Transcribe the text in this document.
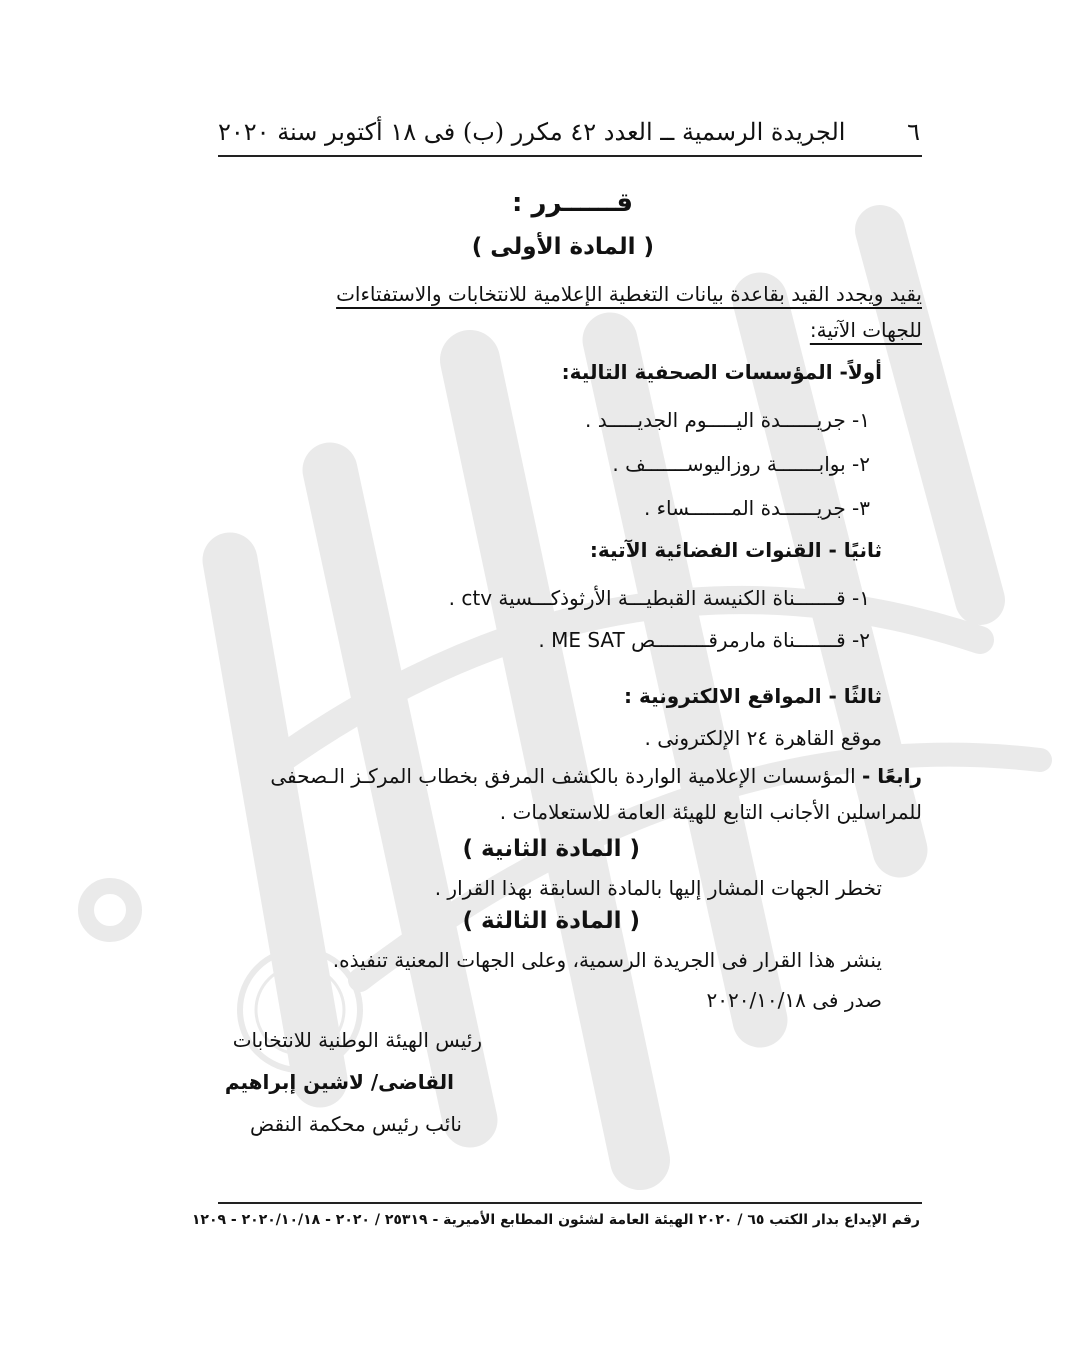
٦
الجريدة الرسمية ــ العدد ٤٢ مكرر (ب) فى ١٨ أكتوبر سنة ٢٠٢٠
قــــــرر :
( المادة الأولى )
يقيد ويجدد القيد بقاعدة بيانات التغطية الإعلامية للانتخابات والاستفتاءات
للجهات الآتية:
أولاً- المؤسسات الصحفية التالية:
١- جريــــــدة اليـــــوم الجديـــــد .
٢- بوابـــــــة روزاليوســـــــف .
٣- جريــــــدة المـــــــساء .
ثانيًا - القنوات الفضائية الآتية:
١- قـــــــناة الكنيسة القبطيـــة الأرثوذكـــسية ctv .
٢- قـــــــناة مارمرقـــــــــص ME SAT .
ثالثًا - المواقع الالكترونية :
موقع القاهرة ٢٤ الإلكترونى .
رابعًا - المؤسسات الإعلامية الواردة بالكشف المرفق بخطاب المركـز الـصحفى
للمراسلين الأجانب التابع للهيئة العامة للاستعلامات .
( المادة الثانية )
تخطر الجهات المشار إليها بالمادة السابقة بهذا القرار .
( المادة الثالثة )
ينشر هذا القرار فى الجريدة الرسمية، وعلى الجهات المعنية تنفيذه.
صدر فى ٢٠٢٠/١٠/١٨
رئيس الهيئة الوطنية للانتخابات
القاضى/ لاشين إبراهيم
نائب رئيس محكمة النقض
رقم الإيداع بدار الكتب ٦٥ / ٢٠٢٠ الهيئة العامة لشئون المطابع الأميرية - ٢٥٣١٩ / ٢٠٢٠ - ٢٠٢٠/١٠/١٨ - ١٢٠٩
